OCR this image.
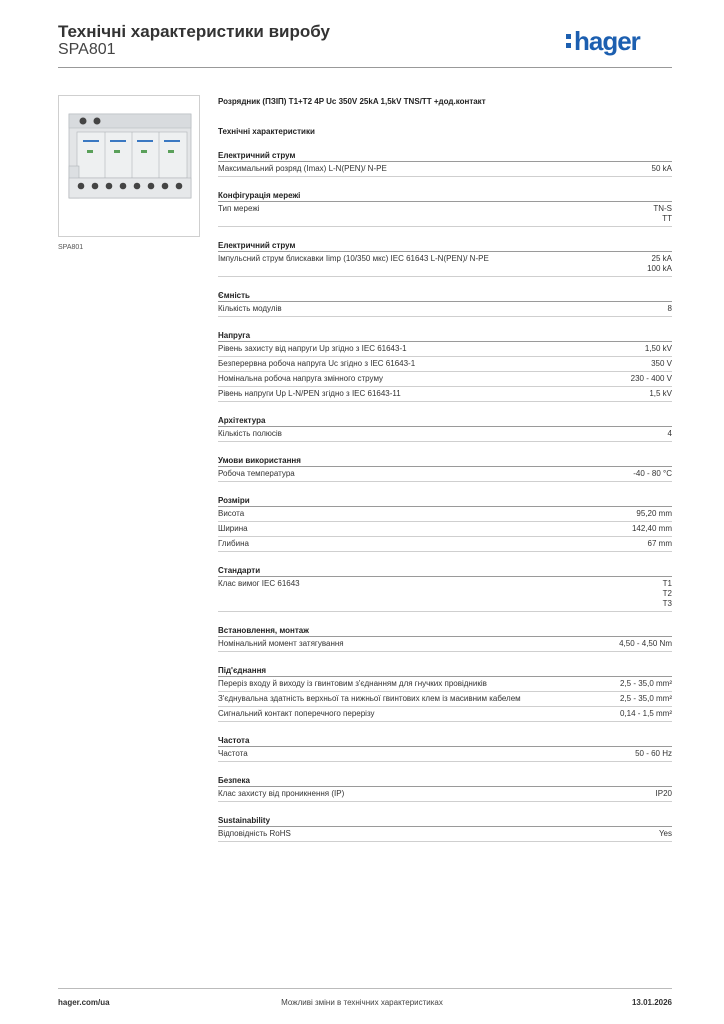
Технічні характеристики виробу
SPA801	hager
SPA801
Розрядник (ПЗІП) Т1+Т2 4P Uc 350V 25kA 1,5kV TNS/TT +дод.контакт
Технічні характеристики
Електричний струм
Максимальний розряд (Imax) L-N(PEN)/ N-PE	50 kA
Конфігурація мережі
Тип мережі	TN-S
TT
Електричний струм
Імпульсний струм блискавки Iimp (10/350 мкс) IEC 61643 L-N(PEN)/ N-PE	25 kA
100 kA
Ємність
Кількість модулів	8
Напруга
Рівень захисту від напруги Up згідно з IEC 61643-1	1,50 kV
Безперервна робоча напруга Uc згідно з IEC 61643-1	350 V
Номінальна робоча напруга змінного струму	230 - 400 V
Рівень напруги Up L-N/PEN згідно з IEC 61643-11	1,5 kV
Архітектура
Кількість полюсів	4
Умови використання
Робоча температура	-40 - 80 °C
Розміри
Висота	95,20 mm
Ширина	142,40 mm
Глибина	67 mm
Стандарти
Клас вимог IEC 61643	T1
T2
T3
Встановлення, монтаж
Номінальний момент затягування	4,50 - 4,50 Nm
Під'єднання
Переріз входу й виходу із гвинтовим з'єднанням для гнучких провідників	2,5 - 35,0 mm²
З'єднувальна здатність верхньої та нижньої гвинтових клем із масивним кабелем	2,5 - 35,0 mm²
Сигнальний контакт поперечного перерізу	0,14 - 1,5 mm²
Частота
Частота	50 - 60 Hz
Безпека
Клас захисту від проникнення (IP)	IP20
Sustainability
Відповідність RoHS	Yes
Можливі зміни в технічних характеристиках
hager.com/ua	13.01.2026
